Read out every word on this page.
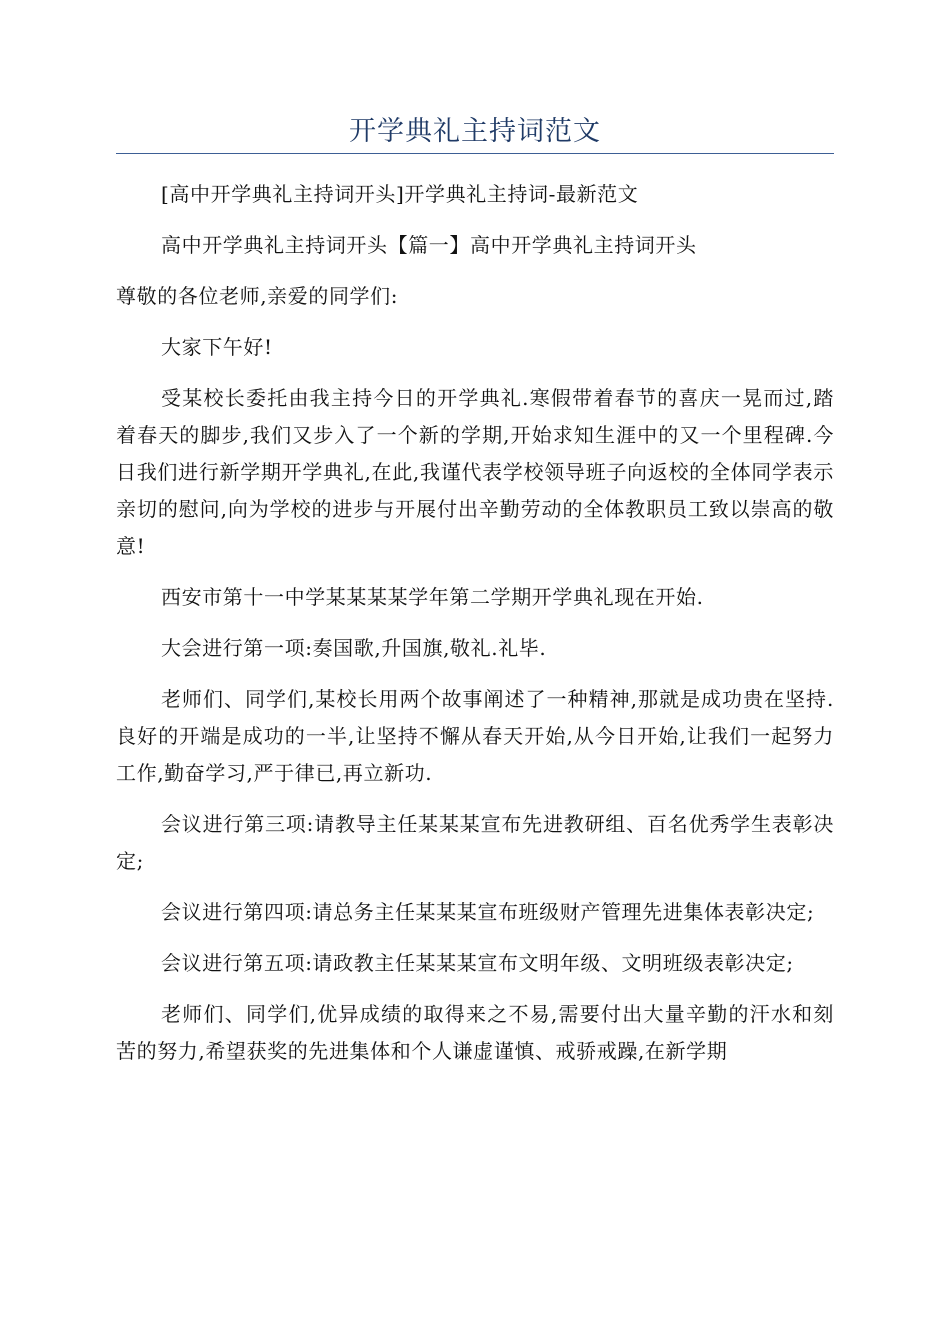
开学典礼主持词范文

[高中开学典礼主持词开头]开学典礼主持词-最新范文

高中开学典礼主持词开头【篇一】高中开学典礼主持词开头

尊敬的各位老师,亲爱的同学们:

大家下午好!

受某校长委托由我主持今日的开学典礼.寒假带着春节的喜庆一晃而过,踏着春天的脚步,我们又步入了一个新的学期,开始求知生涯中的又一个里程碑.今日我们进行新学期开学典礼,在此,我谨代表学校领导班子向返校的全体同学表示亲切的慰问,向为学校的进步与开展付出辛勤劳动的全体教职员工致以崇高的敬意!

西安市第十一中学某某某某学年第二学期开学典礼现在开始.

大会进行第一项:奏国歌,升国旗,敬礼.礼毕.

老师们、同学们,某校长用两个故事阐述了一种精神,那就是成功贵在坚持.良好的开端是成功的一半,让坚持不懈从春天开始,从今日开始,让我们一起努力工作,勤奋学习,严于律已,再立新功.

会议进行第三项:请教导主任某某某宣布先进教研组、百名优秀学生表彰决定;

会议进行第四项:请总务主任某某某宣布班级财产管理先进集体表彰决定;

会议进行第五项:请政教主任某某某宣布文明年级、文明班级表彰决定;

老师们、同学们,优异成绩的取得来之不易,需要付出大量辛勤的汗水和刻苦的努力,希望获奖的先进集体和个人谦虚谨慎、戒骄戒躁,在新学期
